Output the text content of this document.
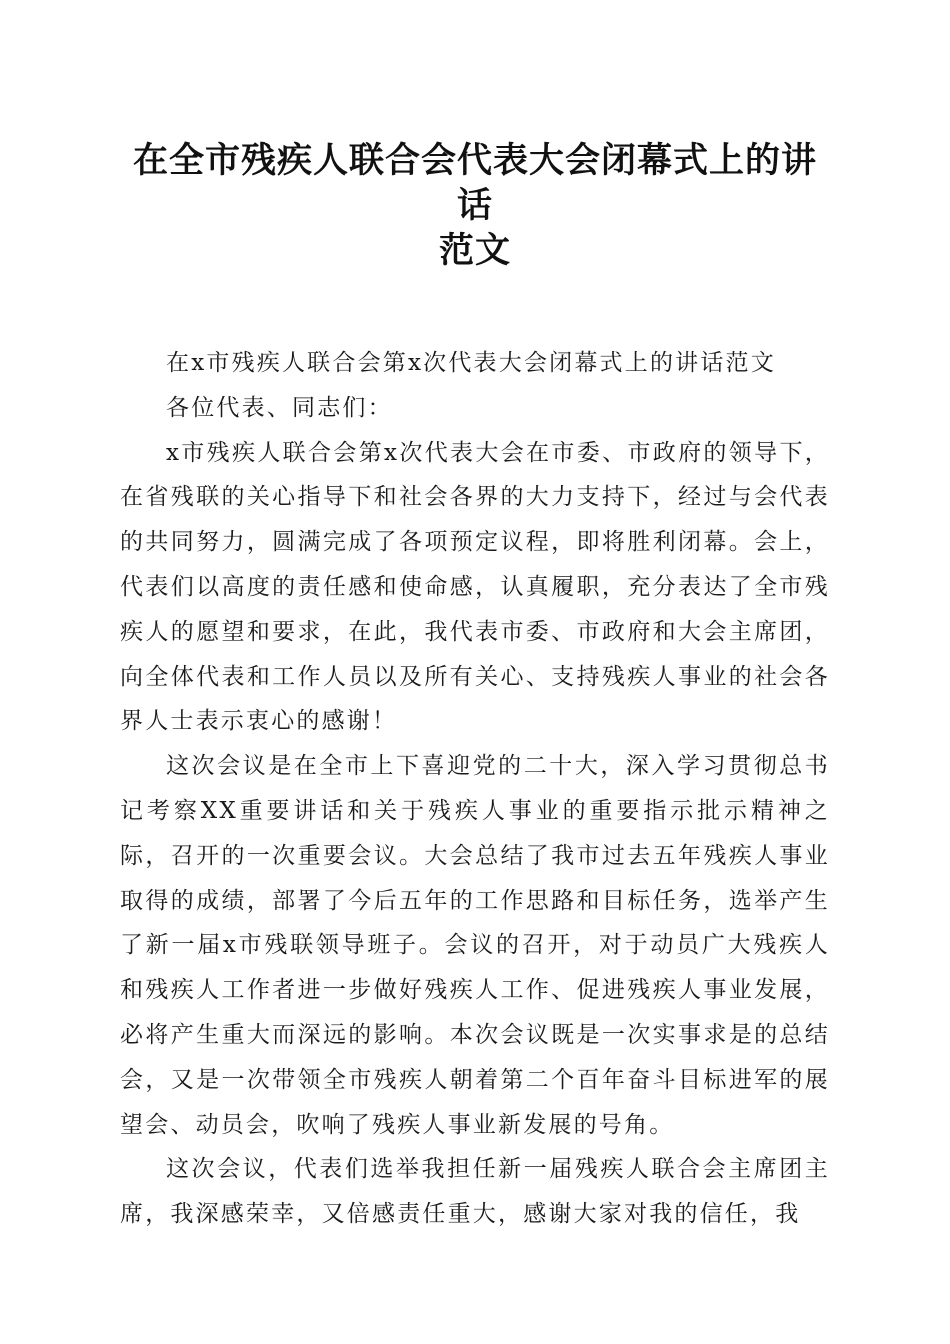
在全市残疾人联合会代表大会闭幕式上的讲话
范文

在x市残疾人联合会第x次代表大会闭幕式上的讲话范文

各位代表、同志们：

x市残疾人联合会第x次代表大会在市委、市政府的领导下，在省残联的关心指导下和社会各界的大力支持下，经过与会代表的共同努力，圆满完成了各项预定议程，即将胜利闭幕。会上，代表们以高度的责任感和使命感，认真履职，充分表达了全市残疾人的愿望和要求，在此，我代表市委、市政府和大会主席团，向全体代表和工作人员以及所有关心、支持残疾人事业的社会各界人士表示衷心的感谢！

这次会议是在全市上下喜迎党的二十大，深入学习贯彻总书记考察XX重要讲话和关于残疾人事业的重要指示批示精神之际，召开的一次重要会议。大会总结了我市过去五年残疾人事业取得的成绩，部署了今后五年的工作思路和目标任务，选举产生了新一届x市残联领导班子。会议的召开，对于动员广大残疾人和残疾人工作者进一步做好残疾人工作、促进残疾人事业发展，必将产生重大而深远的影响。本次会议既是一次实事求是的总结会，又是一次带领全市残疾人朝着第二个百年奋斗目标进军的展望会、动员会，吹响了残疾人事业新发展的号角。

这次会议，代表们选举我担任新一届残疾人联合会主席团主席，我深感荣幸，又倍感责任重大，感谢大家对我的信任，我
